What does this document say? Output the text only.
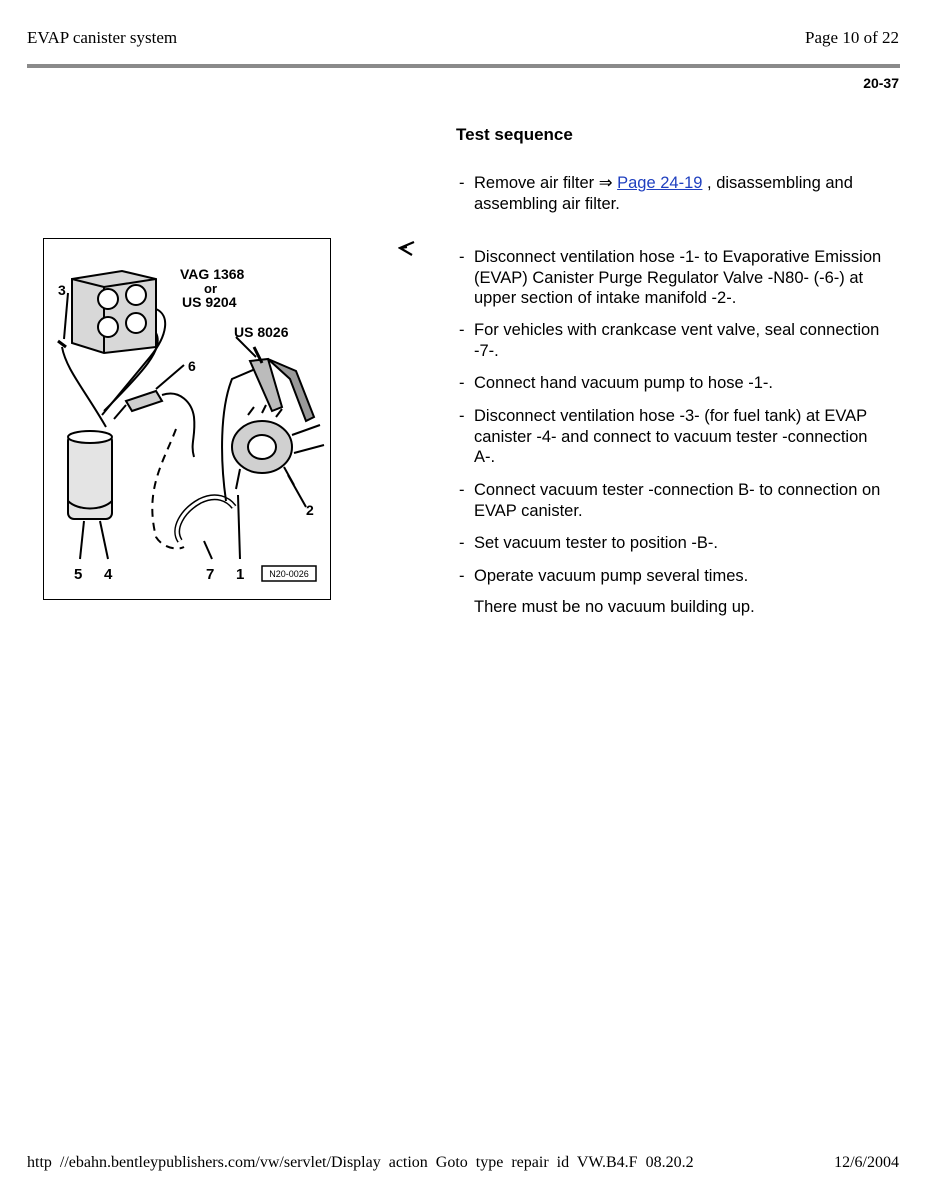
EVAP canister system	Page 10 of 22
20-37
Test sequence
- Remove air filter ⇒ Page 24-19 , disassembling and assembling air filter.
- Disconnect ventilation hose -1- to Evaporative Emission (EVAP) Canister Purge Regulator Valve -N80- (-6-) at upper section of intake manifold -2-.
- For vehicles with crankcase vent valve, seal connection -7-.
- Connect hand vacuum pump to hose -1-.
- Disconnect ventilation hose -3- (for fuel tank) at EVAP canister -4- and connect to vacuum tester -connection A-.
- Connect vacuum tester -connection B- to connection on EVAP canister.
- Set vacuum tester to position -B-.
- Operate vacuum pump several times.
There must be no vacuum building up.
VAG 1368
or
US 9204
US 8026
3
6
2
5 4	7 1	N20-0026
http //ebahn.bentleypublishers.com/vw/servlet/Display action Goto type repair id VW.B4.F 08.20.2	12/6/2004
